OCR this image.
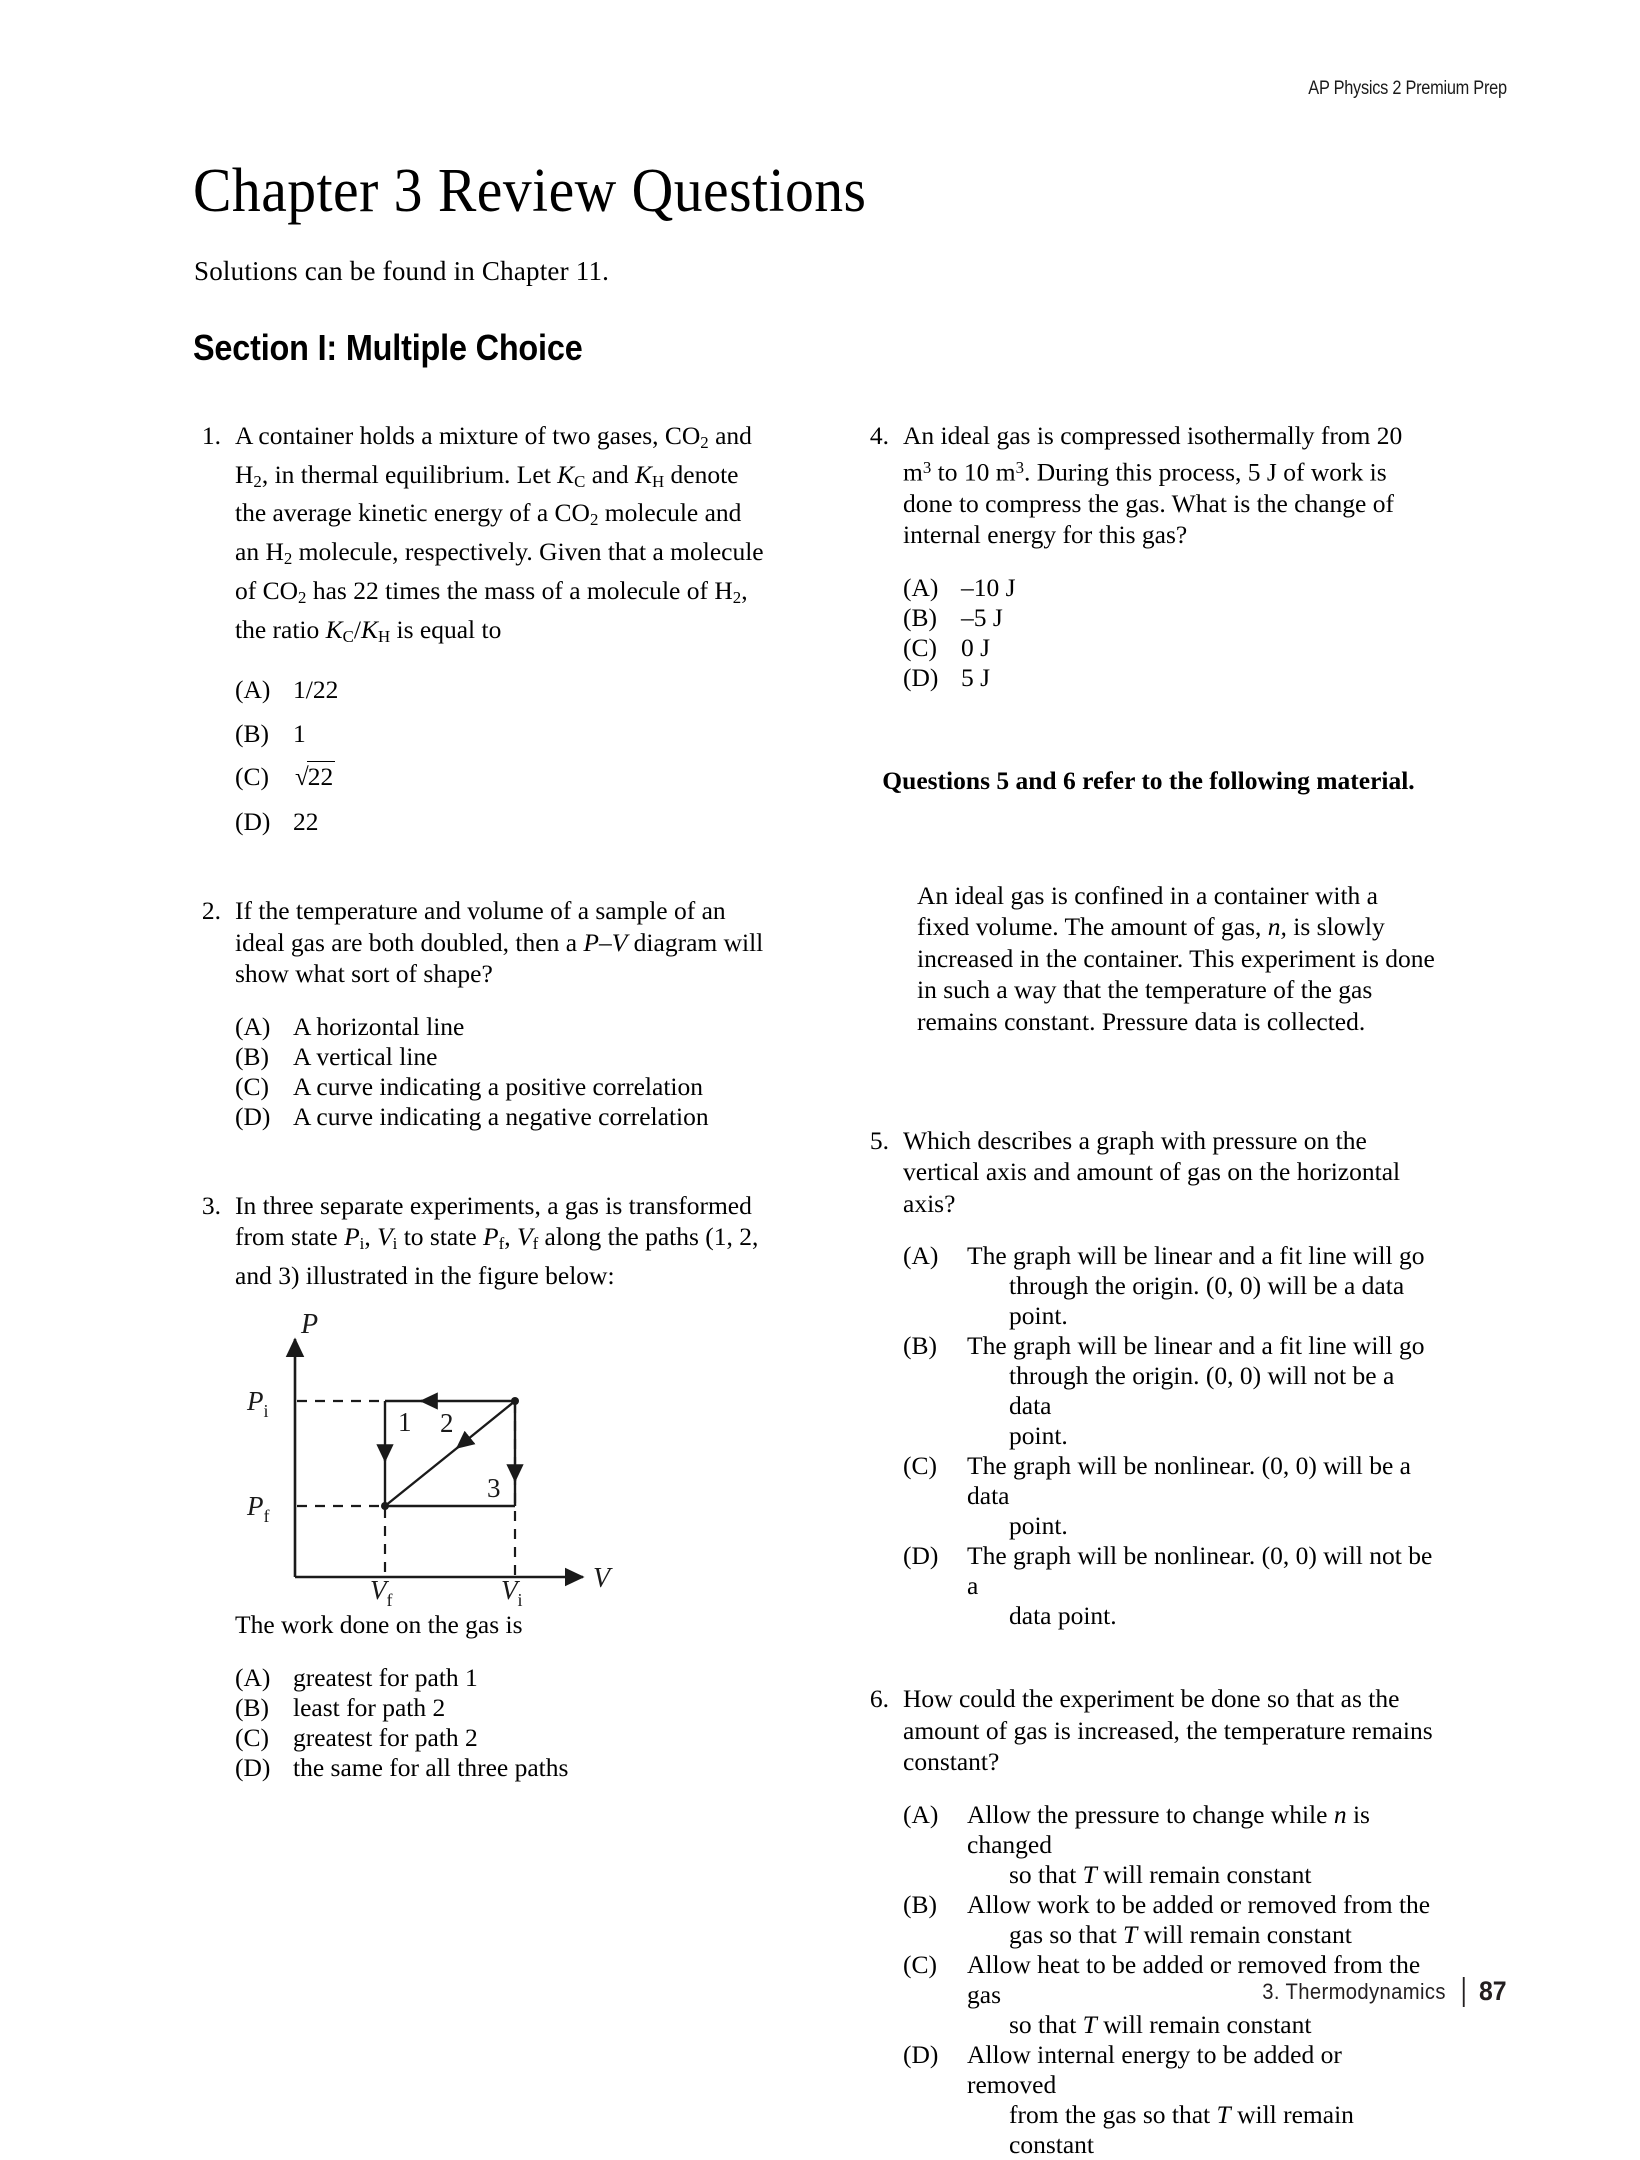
AP Physics 2 Premium Prep
Chapter 3 Review Questions
Solutions can be found in Chapter 11.
Section I: Multiple Choice
1. A container holds a mixture of two gases, $CO_2$ and $H_2$, in thermal equilibrium. Let $K_C$ and $K_H$ denote the average kinetic energy of a $CO_2$ molecule and an $H_2$ molecule, respectively. Given that a molecule of $CO_2$ has 22 times the mass of a molecule of $H_2$, the ratio $K_C/K_H$ is equal to

(A) 1/22
(B) 1
(C)	√22
(D) 22
2. If the temperature and volume of a sample of an ideal gas are both doubled, then a P–V diagram will show what sort of shape?

(A) A horizontal line
(B) A vertical line
(C) A curve indicating a positive correlation
(D) A curve indicating a negative correlation
3. In three separate experiments, a gas is transformed from state $P_i$, $V_i$ to state $P_f$, $V_f$ along the paths (1, 2, and 3) illustrated in the figure below:

P
V
$P_i$
$P_f$
$V_f$	$V_i$
1 2
3

The work done on the gas is

(A) greatest for path 1
(B) least for path 2
(C) greatest for path 2
(D) the same for all three paths
4. An ideal gas is compressed isothermally from 20 $m^3$ to 10 $m^3$. During this process, 5 J of work is done to compress the gas. What is the change of internal energy for this gas?

(A) –10 J
(B) –5 J
(C) 0 J
(D) 5 J
Questions 5 and 6 refer to the following material.

An ideal gas is confined in a container with a fixed volume. The amount of gas, n, is slowly increased in the container. This experiment is done in such a way that the temperature of the gas remains constant. Pressure data is collected.

5. Which describes a graph with pressure on the vertical axis and amount of gas on the horizontal axis?

(A)	The graph will be linear and a fit line will go
through the origin. (0, 0) will be a data point.
(B)	The graph will be linear and a fit line will go
through the origin. (0, 0) will not be a data
point.
(C)	The graph will be nonlinear. (0, 0) will be a data
point.
(D)	The graph will be nonlinear. (0, 0) will not be a
data point.
6. How could the experiment be done so that as the amount of gas is increased, the temperature remains constant?

(A)	Allow the pressure to change while n is changed
so that T will remain constant
(B)	Allow work to be added or removed from the
gas so that T will remain constant
(C)	Allow heat to be added or removed from the gas
so that T will remain constant
(D)	Allow internal energy to be added or removed
from the gas so that T will remain constant
3. Thermodynamics 87
